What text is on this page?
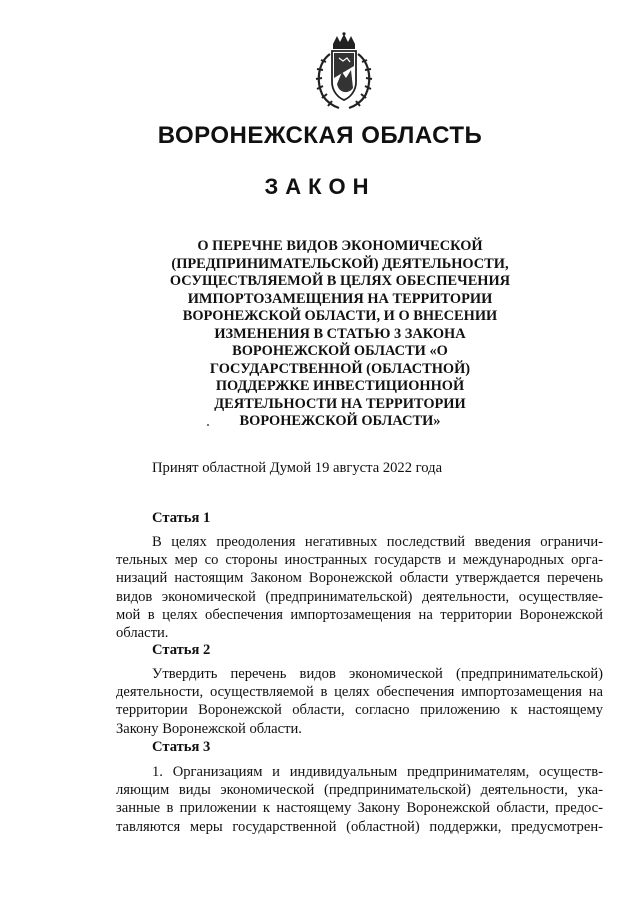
ВОРОНЕЖСКАЯ ОБЛАСТЬ
ЗАКОН
О ПЕРЕЧНЕ ВИДОВ ЭКОНОМИЧЕСКОЙ
(ПРЕДПРИНИМАТЕЛЬСКОЙ) ДЕЯТЕЛЬНОСТИ,
ОСУЩЕСТВЛЯЕМОЙ В ЦЕЛЯХ ОБЕСПЕЧЕНИЯ
ИМПОРТОЗАМЕЩЕНИЯ НА ТЕРРИТОРИИ
ВОРОНЕЖСКОЙ ОБЛАСТИ, И О ВНЕСЕНИИ
ИЗМЕНЕНИЯ В СТАТЬЮ 3 ЗАКОНА
ВОРОНЕЖСКОЙ ОБЛАСТИ «О
ГОСУДАРСТВЕННОЙ (ОБЛАСТНОЙ)
ПОДДЕРЖКЕ ИНВЕСТИЦИОННОЙ
ДЕЯТЕЛЬНОСТИ НА ТЕРРИТОРИИ
ВОРОНЕЖСКОЙ ОБЛАСТИ»
Принят областной Думой 19 августа 2022 года
Статья 1
В целях преодоления негативных последствий введения ограничи-
тельных мер со стороны иностранных государств и международных орга-
низаций настоящим Законом Воронежской области утверждается перечень
видов экономической (предпринимательской) деятельности, осуществляе-
мой в целях обеспечения импортозамещения на территории Воронежской
области.
Статья 2
Утвердить перечень видов экономической (предпринимательской)
деятельности, осуществляемой в целях обеспечения импортозамещения на
территории Воронежской области, согласно приложению к настоящему
Закону Воронежской области.
Статья 3
1. Организациям и индивидуальным предпринимателям, осуществ-
ляющим виды экономической (предпринимательской) деятельности, ука-
занные в приложении к настоящему Закону Воронежской области, предос-
тавляются меры государственной (областной) поддержки, предусмотрен-
